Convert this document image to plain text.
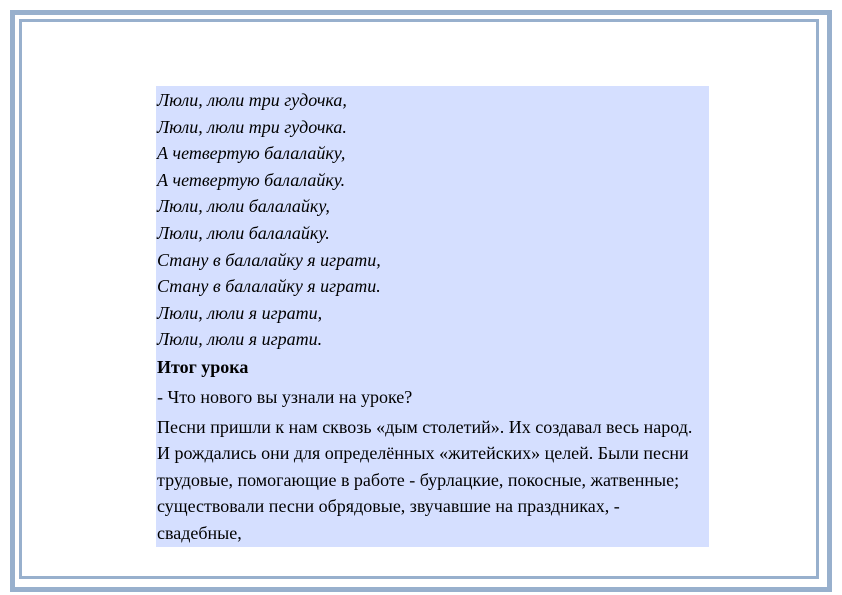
Люли, люли три гудочка,
Люли, люли три гудочка.
А четвертую балалайку,
А четвертую балалайку.
Люли, люли балалайку,
Люли, люли балалайку.
Стану в балалайку я играти,
Стану в балалайку я играти.
Люли, люли я играти,
Люли, люли я играти.
Итог урока
- Что нового вы узнали на уроке?
Песни пришли к нам сквозь «дым столетий». Их создавал весь народ. И рождались они для определённых «житейских» целей. Были песни трудовые, помогающие в работе - бурлацкие, покосные, жатвенные; существовали песни обрядовые, звучавшие на праздниках, - свадебные,
